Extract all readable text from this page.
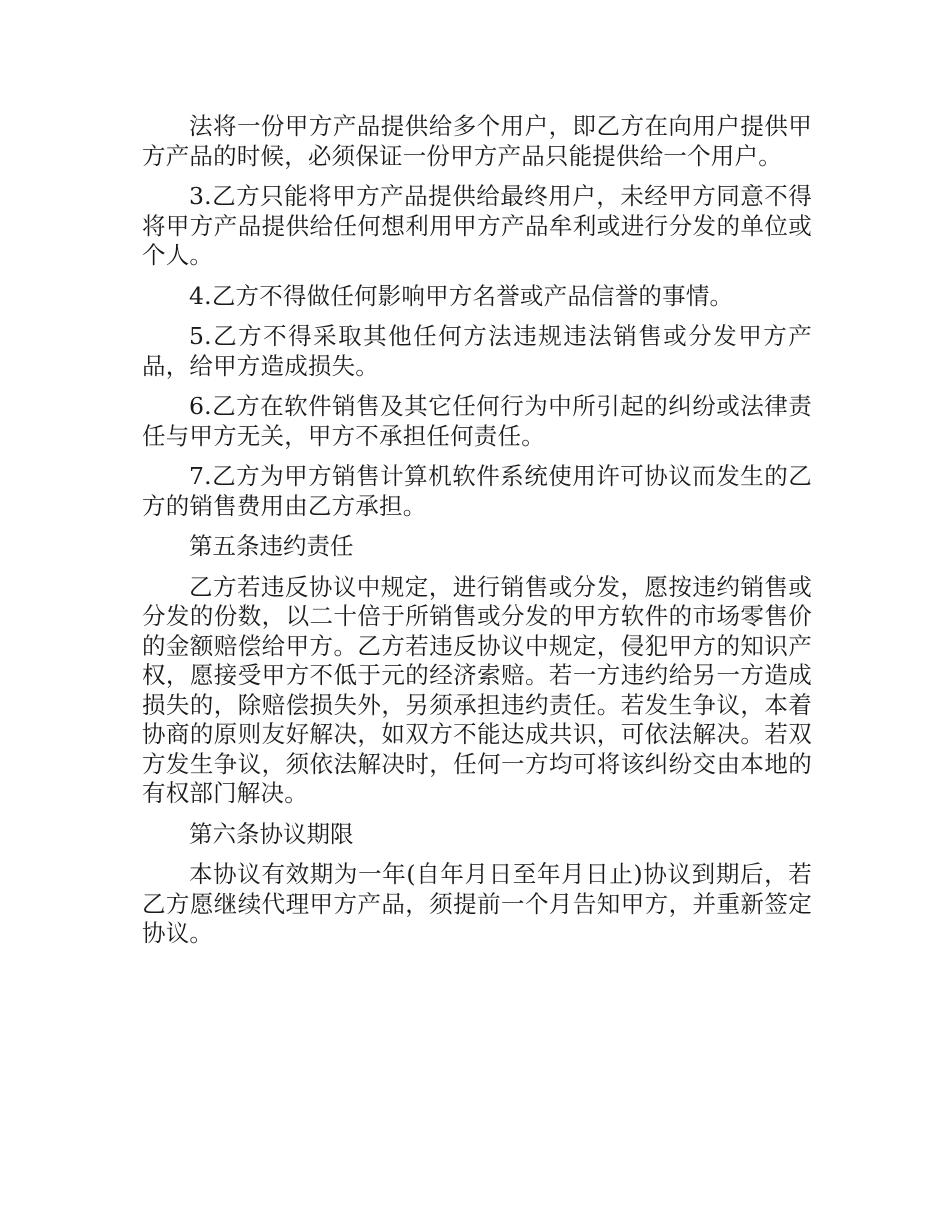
法将一份甲方产品提供给多个用户，即乙方在向用户提供甲方产品的时候，必须保证一份甲方产品只能提供给一个用户。

3.乙方只能将甲方产品提供给最终用户，未经甲方同意不得将甲方产品提供给任何想利用甲方产品牟利或进行分发的单位或个人。

4.乙方不得做任何影响甲方名誉或产品信誉的事情。

5.乙方不得采取其他任何方法违规违法销售或分发甲方产品，给甲方造成损失。

6.乙方在软件销售及其它任何行为中所引起的纠纷或法律责任与甲方无关，甲方不承担任何责任。

7.乙方为甲方销售计算机软件系统使用许可协议而发生的乙方的销售费用由乙方承担。

第五条违约责任

乙方若违反协议中规定，进行销售或分发，愿按违约销售或分发的份数，以二十倍于所销售或分发的甲方软件的市场零售价的金额赔偿给甲方。乙方若违反协议中规定，侵犯甲方的知识产权，愿接受甲方不低于元的经济索赔。若一方违约给另一方造成损失的，除赔偿损失外，另须承担违约责任。若发生争议，本着协商的原则友好解决，如双方不能达成共识，可依法解决。若双方发生争议，须依法解决时，任何一方均可将该纠纷交由本地的有权部门解决。

第六条协议期限

本协议有效期为一年(自年月日至年月日止)协议到期后，若乙方愿继续代理甲方产品，须提前一个月告知甲方，并重新签定协议。
